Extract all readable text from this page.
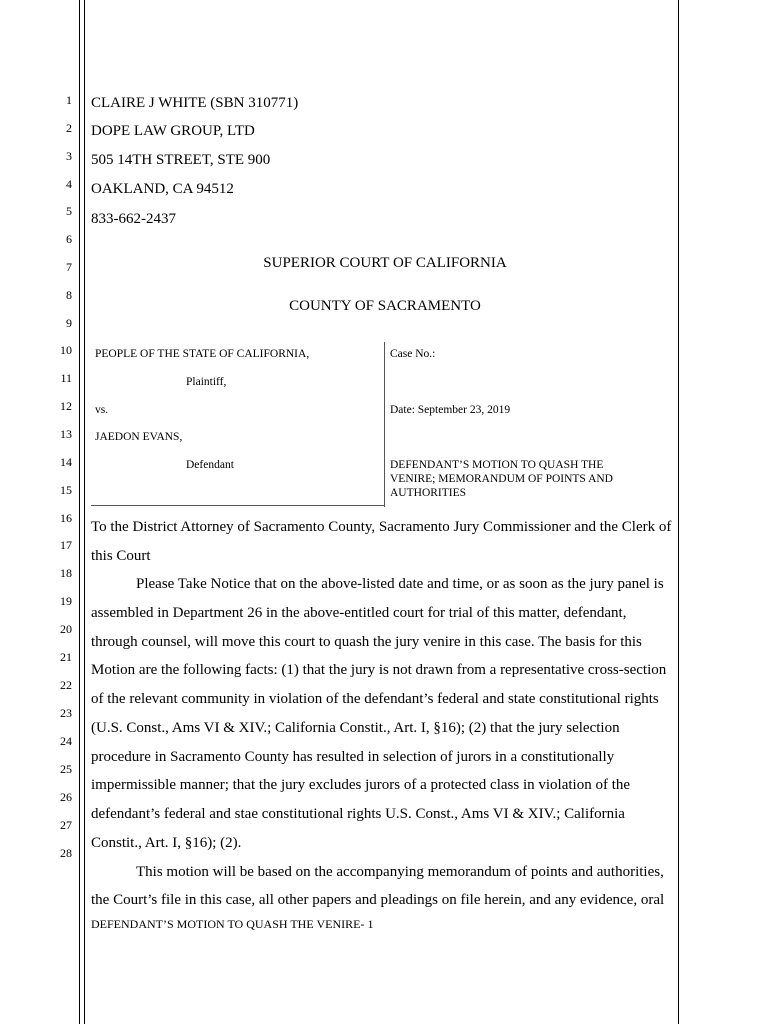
1
2
3
4
5
6
7
8
9
10
11
12
13
14
15
16
17
18
19
20
21
22
23
24
25
26
27
28
CLAIRE J WHITE (SBN 310771)
DOPE LAW GROUP, LTD
505 14TH STREET, STE 900
OAKLAND, CA 94512
833-662-2437
SUPERIOR COURT OF CALIFORNIA
COUNTY OF SACRAMENTO
PEOPLE OF THE STATE OF CALIFORNIA,
Plaintiff,
vs.
JAEDON EVANS,
Defendant
Case No.:
Date: September 23, 2019
DEFENDANT’S MOTION TO QUASH THE
VENIRE; MEMORANDUM OF POINTS AND
AUTHORITIES
To the District Attorney of Sacramento County, Sacramento Jury Commissioner and the Clerk of
this Court
Please Take Notice that on the above-listed date and time, or as soon as the jury panel is
assembled in Department 26 in the above-entitled court for trial of this matter, defendant,
through counsel, will move this court to quash the jury venire in this case. The basis for this
Motion are the following facts: (1) that the jury is not drawn from a representative cross-section
of the relevant community in violation of the defendant’s federal and state constitutional rights
(U.S. Const., Ams VI & XIV.; California Constit., Art. I, §16); (2) that the jury selection
procedure in Sacramento County has resulted in selection of jurors in a constitutionally
impermissible manner; that the jury excludes jurors of a protected class in violation of the
defendant’s federal and stae constitutional rights U.S. Const., Ams VI & XIV.; California
Constit., Art. I, §16); (2).
This motion will be based on the accompanying memorandum of points and authorities,
the Court’s file in this case, all other papers and pleadings on file herein, and any evidence, oral
DEFENDANT’S MOTION TO QUASH THE VENIRE- 1
